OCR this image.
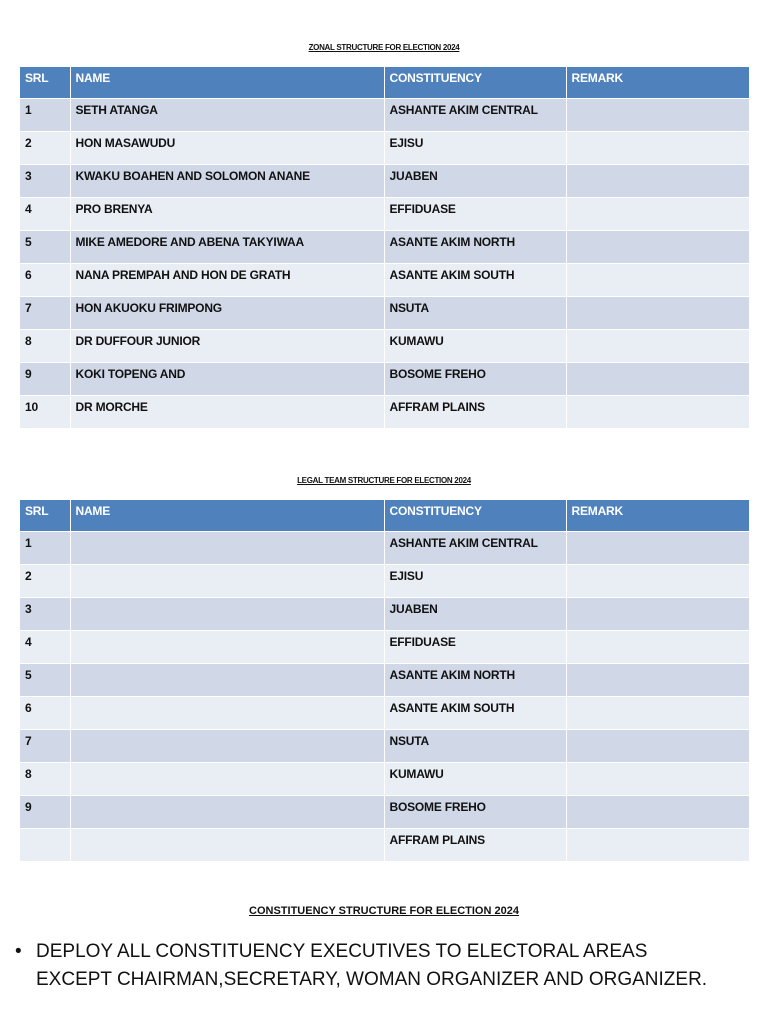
ZONAL STRUCTURE FOR ELECTION 2024
SRL	NAME	CONSTITUENCY	REMARK
1	SETH ATANGA	ASHANTE AKIM CENTRAL	
2	HON MASAWUDU	EJISU	
3	KWAKU BOAHEN AND SOLOMON ANANE	JUABEN	
4	PRO BRENYA	EFFIDUASE	
5	MIKE AMEDORE AND ABENA TAKYIWAA	ASANTE AKIM NORTH	
6	NANA PREMPAH AND HON DE GRATH	ASANTE AKIM SOUTH	
7	HON AKUOKU FRIMPONG	NSUTA	
8	DR DUFFOUR JUNIOR	KUMAWU	
9	KOKI TOPENG AND	BOSOME FREHO	
10	DR MORCHE	AFFRAM PLAINS	
LEGAL TEAM STRUCTURE FOR ELECTION 2024
SRL	NAME	CONSTITUENCY	REMARK
1		ASHANTE AKIM CENTRAL	
2		EJISU	
3		JUABEN	
4		EFFIDUASE	
5		ASANTE AKIM NORTH	
6		ASANTE AKIM SOUTH	
7		NSUTA	
8		KUMAWU	
9		BOSOME FREHO	
		AFFRAM PLAINS	
CONSTITUENCY STRUCTURE FOR ELECTION 2024
• DEPLOY ALL CONSTITUENCY EXECUTIVES TO ELECTORAL AREAS EXCEPT CHAIRMAN,SECRETARY, WOMAN ORGANIZER AND ORGANIZER.
